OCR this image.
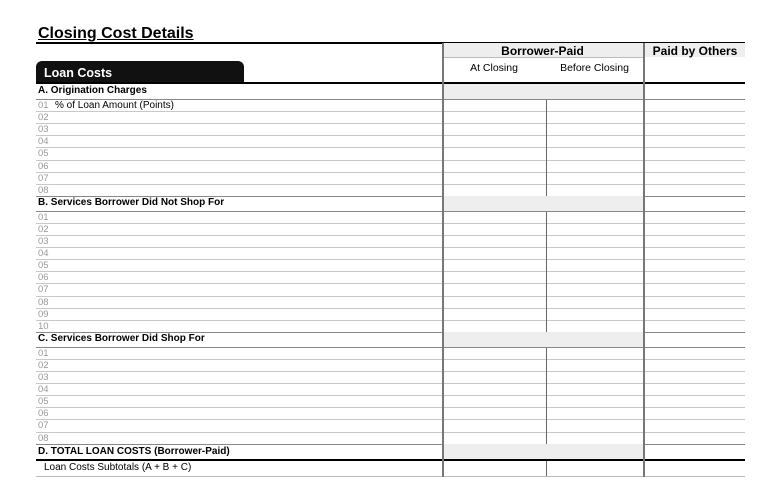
Closing Cost Details
Borrower-Paid	Paid by Others
At Closing	Before Closing
Loan Costs
A. Origination Charges
01 % of Loan Amount (Points)
02
03
04
05
06
07
08
B. Services Borrower Did Not Shop For
01
02
03
04
05
06
07
08
09
10
C. Services Borrower Did Shop For
01
02
03
04
05
06
07
08
D. TOTAL LOAN COSTS (Borrower-Paid)
Loan Costs Subtotals (A + B + C)
